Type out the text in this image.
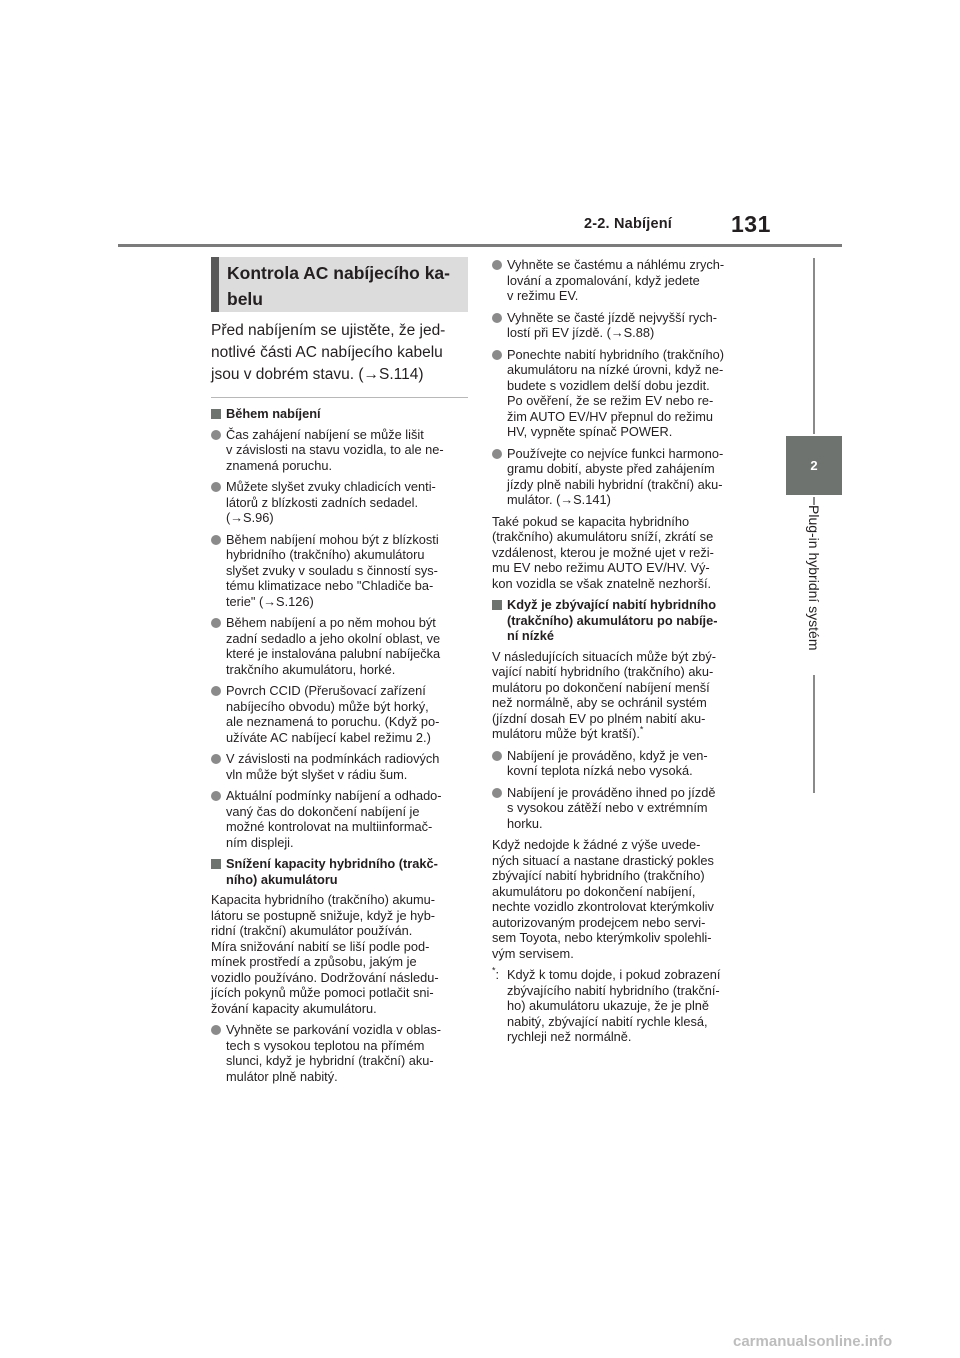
131
2-2. Nabíjení
2
Plug-in hybridní systém
Kontrola AC nabíjecího ka-
belu
Před nabíjením se ujistěte, že jed-
notlivé části AC nabíjecího kabelu
jsou v dobrém stavu. (→S.114)
Během nabíjení
Čas zahájení nabíjení se může lišit
v závislosti na stavu vozidla, to ale ne-
znamená poruchu.
Můžete slyšet zvuky chladicích venti-
látorů z blízkosti zadních sedadel.
(→S.96)
Během nabíjení mohou být z blízkosti
hybridního (trakčního) akumulátoru
slyšet zvuky v souladu s činností sys-
tému klimatizace nebo "Chladiče ba-
terie" (→S.126)
Během nabíjení a po něm mohou být
zadní sedadlo a jeho okolní oblast, ve
které je instalována palubní nabíječka
trakčního akumulátoru, horké.
Povrch CCID (Přerušovací zařízení
nabíjecího obvodu) může být horký,
ale neznamená to poruchu. (Když po-
užíváte AC nabíjecí kabel režimu 2.)
V závislosti na podmínkách radiových
vln může být slyšet v rádiu šum.
Aktuální podmínky nabíjení a odhado-
vaný čas do dokončení nabíjení je
možné kontrolovat na multiinformač-
ním displeji.
Snížení kapacity hybridního (trakč-
ního) akumulátoru
Kapacita hybridního (trakčního) akumu-
látoru se postupně snižuje, když je hyb-
ridní (trakční) akumulátor používán.
Míra snižování nabití se liší podle pod-
mínek prostředí a způsobu, jakým je
vozidlo používáno. Dodržování následu-
jících pokynů může pomoci potlačit sni-
žování kapacity akumulátoru.
Vyhněte se parkování vozidla v oblas-
tech s vysokou teplotou na přímém
slunci, když je hybridní (trakční) aku-
mulátor plně nabitý.
Vyhněte se častému a náhlému zrych-
lování a zpomalování, když jedete
v režimu EV.
Vyhněte se časté jízdě nejvyšší rych-
lostí při EV jízdě. (→S.88)
Ponechte nabití hybridního (trakčního)
akumulátoru na nízké úrovni, když ne-
budete s vozidlem delší dobu jezdit.
Po ověření, že se režim EV nebo re-
žim AUTO EV/HV přepnul do režimu
HV, vypněte spínač POWER.
Používejte co nejvíce funkci harmono-
gramu dobití, abyste před zahájením
jízdy plně nabili hybridní (trakční) aku-
mulátor. (→S.141)
Také pokud se kapacita hybridního
(trakčního) akumulátoru sníží, zkrátí se
vzdálenost, kterou je možné ujet v reži-
mu EV nebo režimu AUTO EV/HV. Vý-
kon vozidla se však znatelně nezhorší.
Když je zbývající nabití hybridního
(trakčního) akumulátoru po nabíje-
ní nízké
V následujících situacích může být zbý-
vající nabití hybridního (trakčního) aku-
mulátoru po dokončení nabíjení menší
než normálně, aby se ochránil systém
(jízdní dosah EV po plném nabití aku-
mulátoru může být kratší).*
Nabíjení je prováděno, když je ven-
kovní teplota nízká nebo vysoká.
Nabíjení je prováděno ihned po jízdě
s vysokou zátěží nebo v extrémním
horku.
Když nedojde k žádné z výše uvede-
ných situací a nastane drastický pokles
zbývající nabití hybridního (trakčního)
akumulátoru po dokončení nabíjení,
nechte vozidlo zkontrolovat kterýmkoliv
autorizovaným prodejcem nebo servi-
sem Toyota, nebo kterýmkoliv spolehli-
vým servisem.
*: Když k tomu dojde, i pokud zobrazení
zbývajícího nabití hybridního (trakční-
ho) akumulátoru ukazuje, že je plně
nabitý, zbývající nabití rychle klesá,
rychleji než normálně.
carmanualsonline.info
